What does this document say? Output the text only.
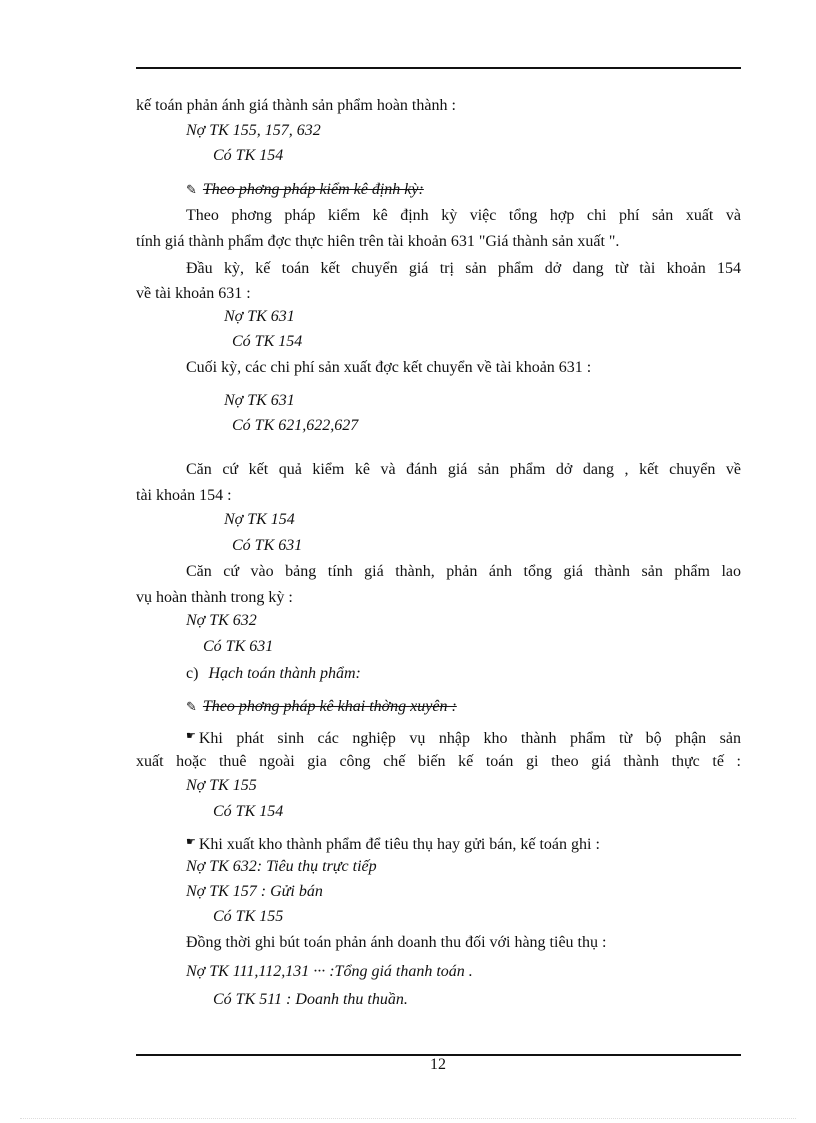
kế toán phản ánh giá thành sản phẩm hoàn thành :
Nợ TK 155, 157, 632
Có TK 154
✎ Theo phơng pháp kiểm kê định kỳ:
Theo phơng pháp kiểm kê định kỳ việc tổng hợp chi phí sản xuất và
tính giá thành phẩm đợc thực hiên trên tài khoản 631 "Giá thành sản xuất ".
Đầu kỳ, kế toán kết chuyển giá trị sản phẩm dở dang từ tài khoản 154
về tài khoản 631 :
Nợ TK 631
Có TK 154
Cuối kỳ, các chi phí sản xuất đợc kết chuyển về tài khoản 631 :
Nợ TK 631
Có TK 621,622,627
Căn cứ kết quả kiểm kê và đánh giá sản phẩm dở dang , kết chuyển về
tài khoản 154 :
Nợ TK 154
Có TK 631
Căn cứ vào bảng tính giá thành, phản ánh tổng giá thành sản phẩm lao
vụ hoàn thành trong kỳ :
Nợ TK 632
Có TK 631
c) Hạch toán thành phẩm:
✎ Theo phơng pháp kê khai thờng xuyên :
☛ Khi phát sinh các nghiệp vụ nhập kho thành phẩm từ bộ phận sản
xuất hoặc thuê ngoài gia công chế biến kế toán gi theo giá thành thực tế :
Nợ TK 155
Có TK 154
☛ Khi xuất kho thành phẩm để tiêu thụ hay gửi bán, kế toán ghi :
Nợ TK 632: Tiêu thụ trực tiếp
Nợ TK 157 : Gửi bán
Có TK 155
Đồng thời ghi bút toán phản ánh doanh thu đối với hàng tiêu thụ :
Nợ TK 111,112,131 ··· :Tổng giá thanh toán .
Có TK 511 : Doanh thu thuần.
12
